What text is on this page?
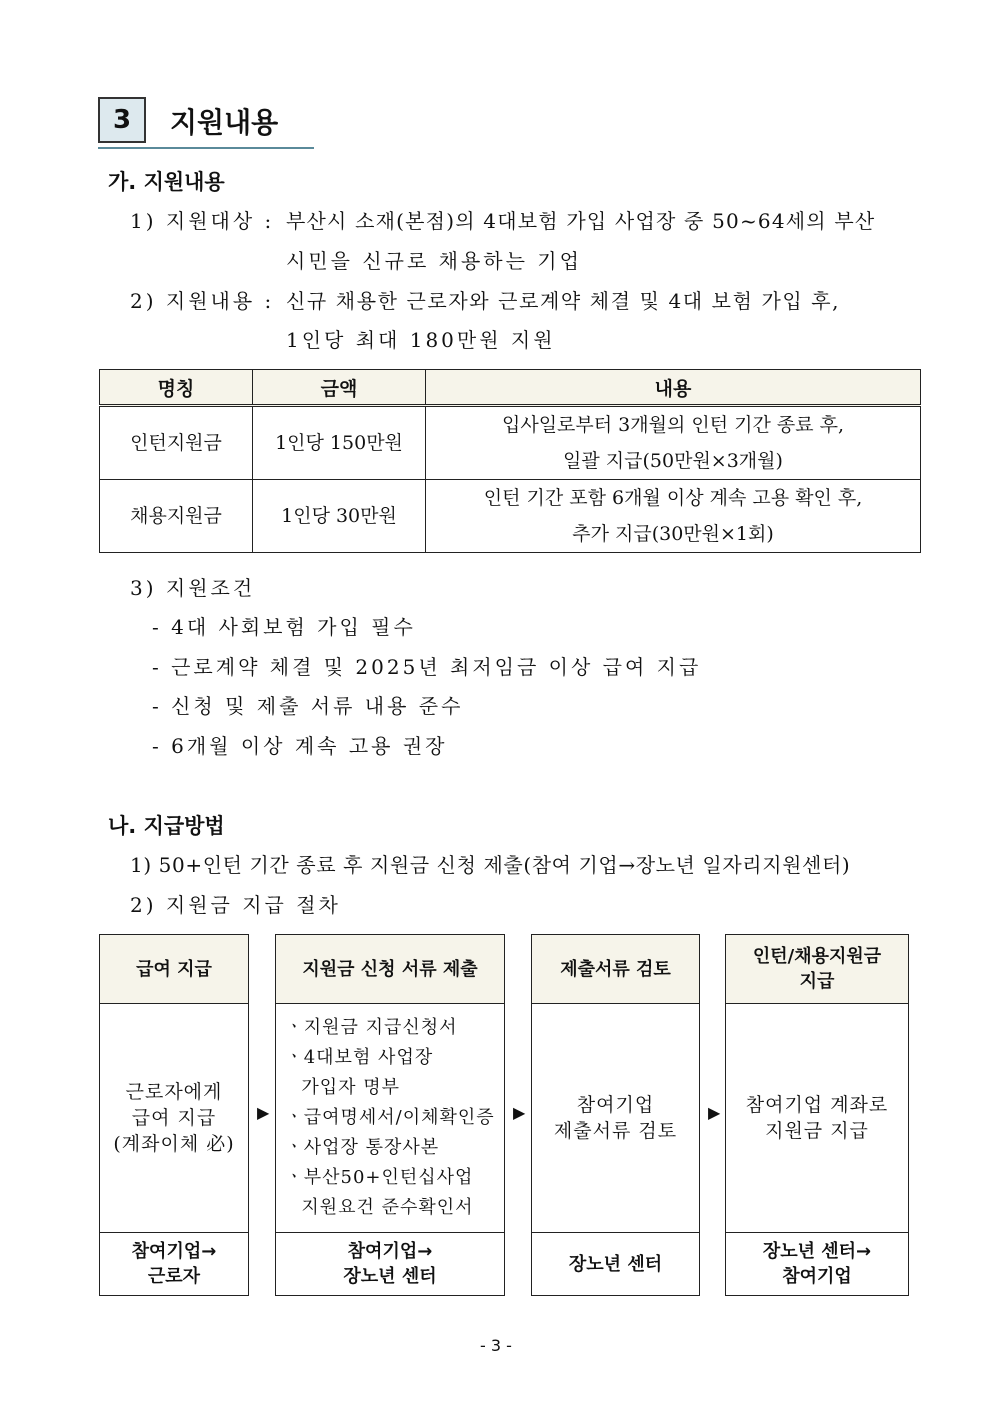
3	지원내용
가. 지원내용
1) 지원대상 : 부산시 소재(본점)의 4대보험 가입 사업장 중 50~64세의 부산
시민을 신규로 채용하는 기업
2) 지원내용 : 신규 채용한 근로자와 근로계약 체결 및 4대 보험 가입 후,
1인당 최대 180만원 지원
명칭	금액	내용
인턴지원금	1인당 150만원	입사일로부터 3개월의 인턴 기간 종료 후,
일괄 지급(50만원×3개월)

채용지원금	1인당 30만원	인턴 기간 포함 6개월 이상 계속 고용 확인 후,
추가 지급(30만원×1회)
3) 지원조건
- 4대 사회보험 가입 필수
- 근로계약 체결 및 2025년 최저임금 이상 급여 지급
- 신청 및 제출 서류 내용 준수
- 6개월 이상 계속 고용 권장
나. 지급방법
1) 50+인턴 기간 종료 후 지원금 신청 제출(참여 기업→장노년 일자리지원센터)
2) 지원금 지급 절차
급여 지급
근로자에게
급여 지급
(계좌이체 必)
참여기업→
근로자
▶
지원금 신청 서류 제출
ㆍ지원금 지급신청서
ㆍ4대보험 사업장
가입자 명부
ㆍ급여명세서/이체확인증
ㆍ사업장 통장사본
ㆍ부산50+인턴십사업
지원요건 준수확인서
참여기업→
장노년 센터
▶
제출서류 검토
참여기업
제출서류 검토
장노년 센터
▶
인턴/채용지원금
지급
참여기업 계좌로
지원금 지급
장노년 센터→
참여기업
- 3 -
